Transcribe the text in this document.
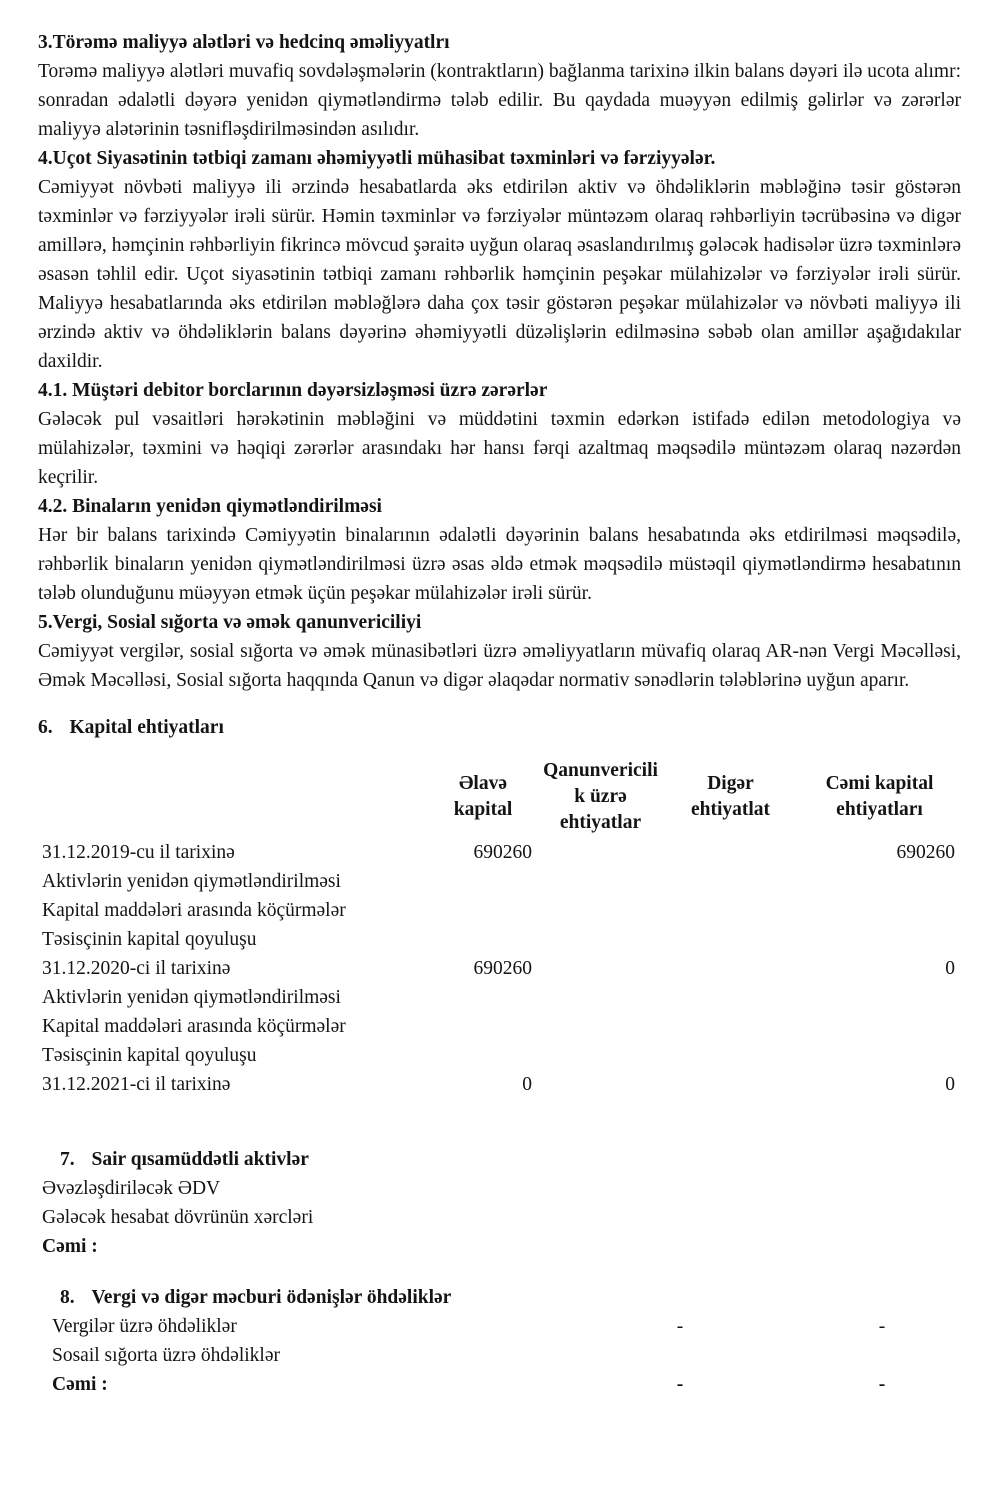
3.Törəmə maliyyə alətləri və hedcinq əməliyyatlrı

Torəmə maliyyə alətləri muvafiq sovdələşmələrin (kontraktların) bağlanma tarixinə ilkin balans dəyəri ilə ucota alımr: sonradan ədalətli dəyərə yenidən qiymətləndirmə tələb edilir. Bu qaydada muəyyən edilmiş gəlirlər və zərərlər maliyyə alətərinin təsnifləşdirilməsindən asılıdır.

4.Uçot Siyasətinin tətbiqi zamanı əhəmiyyətli mühasibat təxminləri və fərziyyələr.

Cəmiyyət növbəti maliyyə ili ərzində hesabatlarda əks etdirilən aktiv və öhdəliklərin məbləğinə təsir göstərən təxminlər və fərziyyələr irəli sürür. Həmin təxminlər və fərziyələr müntəzəm olaraq rəhbərliyin təcrübəsinə və digər amillərə, həmçinin rəhbərliyin fikrincə mövcud şəraitə uyğun olaraq əsaslandırılmış gələcək hadisələr üzrə təxminlərə əsasən təhlil edir. Uçot siyasətinin tətbiqi zamanı rəhbərlik həmçinin peşəkar mülahizələr və fərziyələr irəli sürür. Maliyyə hesabatlarında əks etdirilən məbləğlərə daha çox təsir göstərən peşəkar mülahizələr və növbəti maliyyə ili ərzində aktiv və öhdəliklərin balans dəyərinə əhəmiyyətli düzəlişlərin edilməsinə səbəb olan amillər aşağıdakılar daxildir.

4.1. Müştəri debitor borclarının dəyərsizləşməsi üzrə zərərlər

Gələcək pul vəsaitləri hərəkətinin məbləğini və müddətini təxmin edərkən istifadə edilən metodologiya və mülahizələr, təxmini və həqiqi zərərlər arasındakı hər hansı fərqi azaltmaq məqsədilə müntəzəm olaraq nəzərdən keçrilir.

4.2. Binaların yenidən qiymətləndirilməsi

Hər bir balans tarixində Cəmiyyətin binalarının ədalətli dəyərinin balans hesabatında əks etdirilməsi məqsədilə, rəhbərlik binaların yenidən qiymətləndirilməsi üzrə əsas əldə etmək məqsədilə müstəqil qiymətləndirmə hesabatının tələb olunduğunu müəyyən etmək üçün peşəkar mülahizələr irəli sürür.

5.Vergi, Sosial sığorta və əmək qanunvericiliyi

Cəmiyyət vergilər, sosial sığorta və əmək münasibətləri üzrə əməliyyatların müvafiq olaraq AR-nən Vergi Məcəlləsi, Əmək Məcəlləsi, Sosial sığorta haqqında Qanun və digər əlaqədar normativ sənədlərin tələblərinə uyğun aparır.

6. Kapital ehtiyatları
	Əlavə kapital	Qanunvericilik üzrə ehtiyatlar	Digər ehtiyatlat	Cəmi kapital ehtiyatları
31.12.2019-cu il tarixinə	690260			690260
Aktivlərin yenidən qiymətləndirilməsi				
Kapital maddələri arasında köçürmələr				
Təsisçinin kapital qoyuluşu				
31.12.2020-ci il tarixinə	690260			0
Aktivlərin yenidən qiymətləndirilməsi				
Kapital maddələri arasında köçürmələr				
Təsisçinin kapital qoyuluşu				
31.12.2021-ci il tarixinə	0			0
7. Sair qısamüddətli aktivlər
Əvəzləşdiriləcək ƏDV
Gələcək hesabat dövrünün xərcləri
Cəmi :
8. Vergi və digər məcburi ödənişlər öhdəliklər
Vergilər üzrə öhdəliklər	-	-
Sosail sığorta üzrə öhdəliklər
Cəmi :	-	-
